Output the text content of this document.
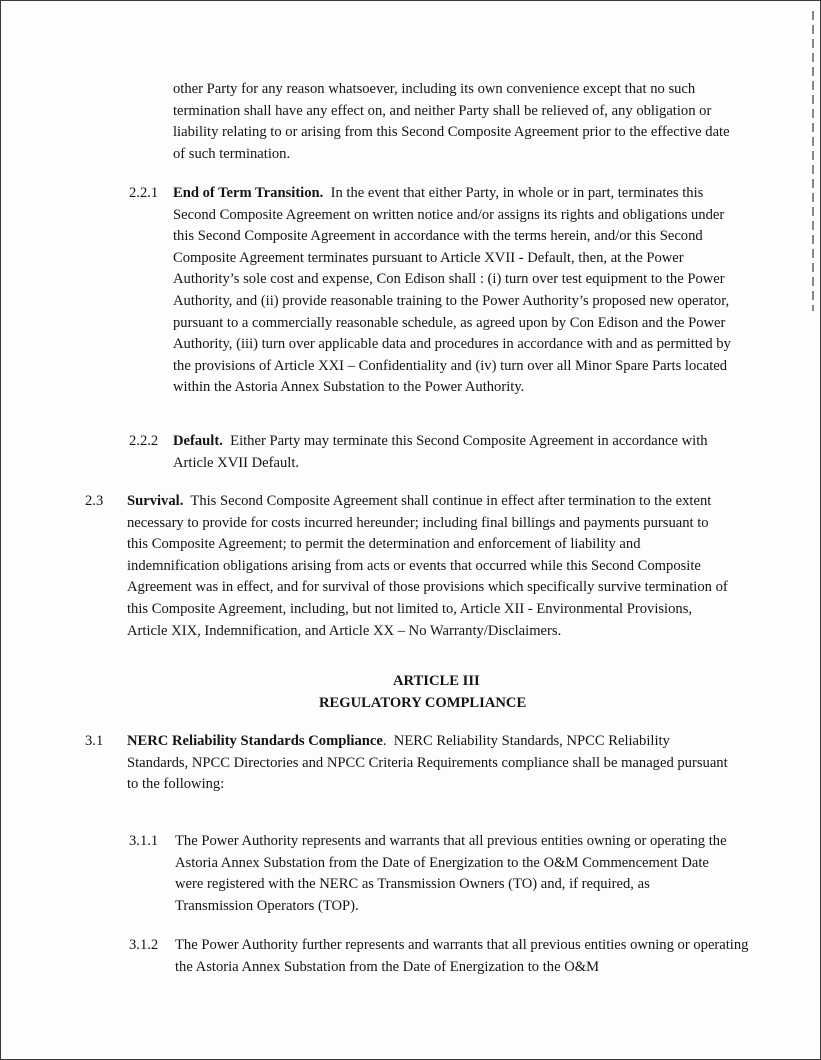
other Party for any reason whatsoever, including its own convenience except that no such termination shall have any effect on, and neither Party shall be relieved of, any obligation or liability relating to or arising from this Second Composite Agreement prior to the effective date of such termination.
2.2.1 End of Term Transition. In the event that either Party, in whole or in part, terminates this Second Composite Agreement on written notice and/or assigns its rights and obligations under this Second Composite Agreement in accordance with the terms herein, and/or this Second Composite Agreement terminates pursuant to Article XVII - Default, then, at the Power Authority’s sole cost and expense, Con Edison shall : (i) turn over test equipment to the Power Authority, and (ii) provide reasonable training to the Power Authority’s proposed new operator, pursuant to a commercially reasonable schedule, as agreed upon by Con Edison and the Power Authority, (iii) turn over applicable data and procedures in accordance with and as permitted by the provisions of Article XXI – Confidentiality and (iv) turn over all Minor Spare Parts located within the Astoria Annex Substation to the Power Authority.
2.2.2 Default. Either Party may terminate this Second Composite Agreement in accordance with Article XVII Default.
2.3 Survival. This Second Composite Agreement shall continue in effect after termination to the extent necessary to provide for costs incurred hereunder; including final billings and payments pursuant to this Composite Agreement; to permit the determination and enforcement of liability and indemnification obligations arising from acts or events that occurred while this Second Composite Agreement was in effect, and for survival of those provisions which specifically survive termination of this Composite Agreement, including, but not limited to, Article XII - Environmental Provisions, Article XIX, Indemnification, and Article XX – No Warranty/Disclaimers.
ARTICLE III
REGULATORY COMPLIANCE
3.1 NERC Reliability Standards Compliance. NERC Reliability Standards, NPCC Reliability Standards, NPCC Directories and NPCC Criteria Requirements compliance shall be managed pursuant to the following:
3.1.1 The Power Authority represents and warrants that all previous entities owning or operating the Astoria Annex Substation from the Date of Energization to the O&M Commencement Date were registered with the NERC as Transmission Owners (TO) and, if required, as Transmission Operators (TOP).
3.1.2 The Power Authority further represents and warrants that all previous entities owning or operating the Astoria Annex Substation from the Date of Energization to the O&M
